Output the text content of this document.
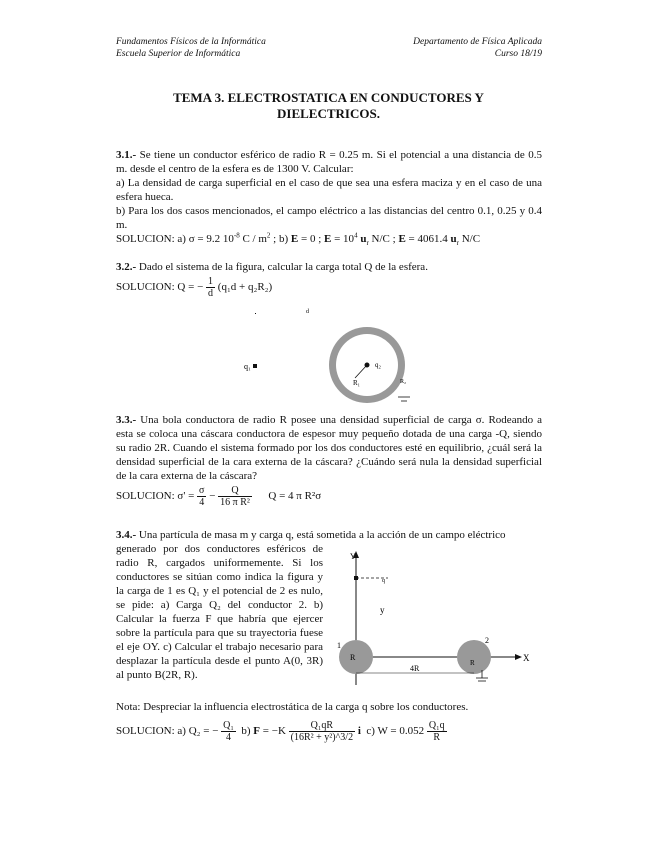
Fundamentos Físicos de la Informática
Escuela Superior de Informática
Departamento de Física Aplicada
Curso 18/19
TEMA 3. ELECTROSTATICA EN CONDUCTORES Y
DIELECTRICOS.
3.1.- Se tiene un conductor esférico de radio R = 0.25 m. Si el potencial a una distancia de 0.5 m. desde el centro de la esfera es de 1300 V. Calcular:
a) La densidad de carga superficial en el caso de que sea una esfera maciza y en el caso de una esfera hueca.
b) Para los dos casos mencionados, el campo eléctrico a las distancias del centro 0.1, 0.25 y 0.4 m.
SOLUCION: a) σ = 9.2 $10^{-8}$ C / $m^2$ ; b) E = 0 ; $E = 10^4$ $u_r$ N/C ; E = 4061.4 $u_r$ N/C
3.2.- Dado el sistema de la figura, calcular la carga total Q de la esfera.
SOLUCION: Q = − $\frac{1}{d} (q_1d + q_2R_2)$
q₁	q₂
R₁
d
R₂
3.3.- Una bola conductora de radio R posee una densidad superficial de carga σ. Rodeando a esta se coloca una cáscara conductora de espesor muy pequeño dotada de una carga -Q, siendo su radio 2R. Cuando el sistema formado por los dos conductores esté en equilibrio, ¿cuál será la densidad superficial de la cara externa de la cáscara? ¿Cuándo será nula la densidad superficial de la cara externa de la cáscara?
SOLUCION: $\sigma' = \frac{\sigma}{4} - \frac{Q}{\text{16 π R²}}$ Q = 4 π R²σ
3.4.- Una partícula de masa m y carga q, está sometida a la acción de un campo eléctrico
generado por dos conductores esféricos de radio R, cargados uniformemente. Si los conductores se sitúan como indica la figura y la carga de 1 es Q₁ y el potencial de 2 es nulo, se pide: a) Carga Q₂ del conductor 2. b) Calcular la fuerza F que habría que ejercer sobre la partícula para que su trayectoria fuese el eje OY. c) Calcular el trabajo necesario para desplazar la partícula desde el punto A(0, 3R) al punto B(2R, R).
Nota: Despreciar la influencia electrostática de la carga q sobre los conductores.
SOLUCION: a) Q₂ = − $\frac{\text{Q₁}}{4} b$) $F = -K \frac{\text{Q₁qR}}{\text{(16R² + y²)\textasciicircum{}3/2}}$ i c) $W = 0.052 \frac{\text{Q₁q}}{R}$
Y
X
q
y
R
R
1
2
4R
